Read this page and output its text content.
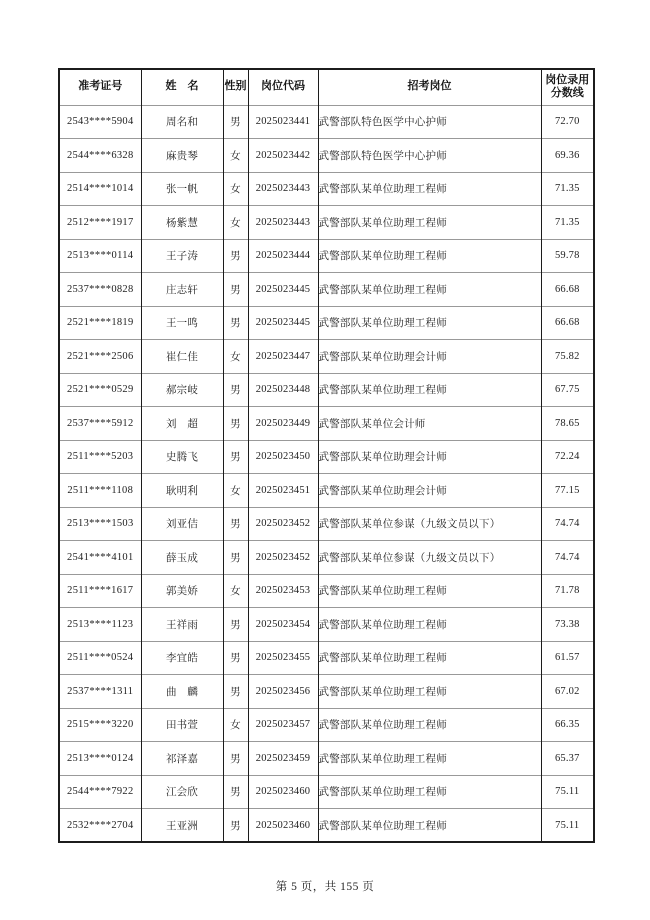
准考证号	姓　名	性别	岗位代码	招考岗位	岗位录用分数线
2543****5904	周名和	男	2025023441	武警部队特色医学中心护师	72.70
2544****6328	麻贵琴	女	2025023442	武警部队特色医学中心护师	69.36
2514****1014	张一帆	女	2025023443	武警部队某单位助理工程师	71.35
2512****1917	杨紫慧	女	2025023443	武警部队某单位助理工程师	71.35
2513****0114	王子涛	男	2025023444	武警部队某单位助理工程师	59.78
2537****0828	庄志轩	男	2025023445	武警部队某单位助理工程师	66.68
2521****1819	王一鸣	男	2025023445	武警部队某单位助理工程师	66.68
2521****2506	崔仁佳	女	2025023447	武警部队某单位助理会计师	75.82
2521****0529	郝宗岐	男	2025023448	武警部队某单位助理工程师	67.75
2537****5912	刘　超	男	2025023449	武警部队某单位会计师	78.65
2511****5203	史腾飞	男	2025023450	武警部队某单位助理会计师	72.24
2511****1108	耿明利	女	2025023451	武警部队某单位助理会计师	77.15
2513****1503	刘亚佶	男	2025023452	武警部队某单位参谋（九级文员以下）	74.74
2541****4101	薛玉成	男	2025023452	武警部队某单位参谋（九级文员以下）	74.74
2511****1617	郭美娇	女	2025023453	武警部队某单位助理工程师	71.78
2513****1123	王祥雨	男	2025023454	武警部队某单位助理工程师	73.38
2511****0524	李宜皓	男	2025023455	武警部队某单位助理工程师	61.57
2537****1311	曲　麟	男	2025023456	武警部队某单位助理工程师	67.02
2515****3220	田书萱	女	2025023457	武警部队某单位助理工程师	66.35
2513****0124	祁泽嘉	男	2025023459	武警部队某单位助理工程师	65.37
2544****7922	江会欣	男	2025023460	武警部队某单位助理工程师	75.11
2532****2704	王亚洲	男	2025023460	武警部队某单位助理工程师	75.11
第 5 页，共 155 页
